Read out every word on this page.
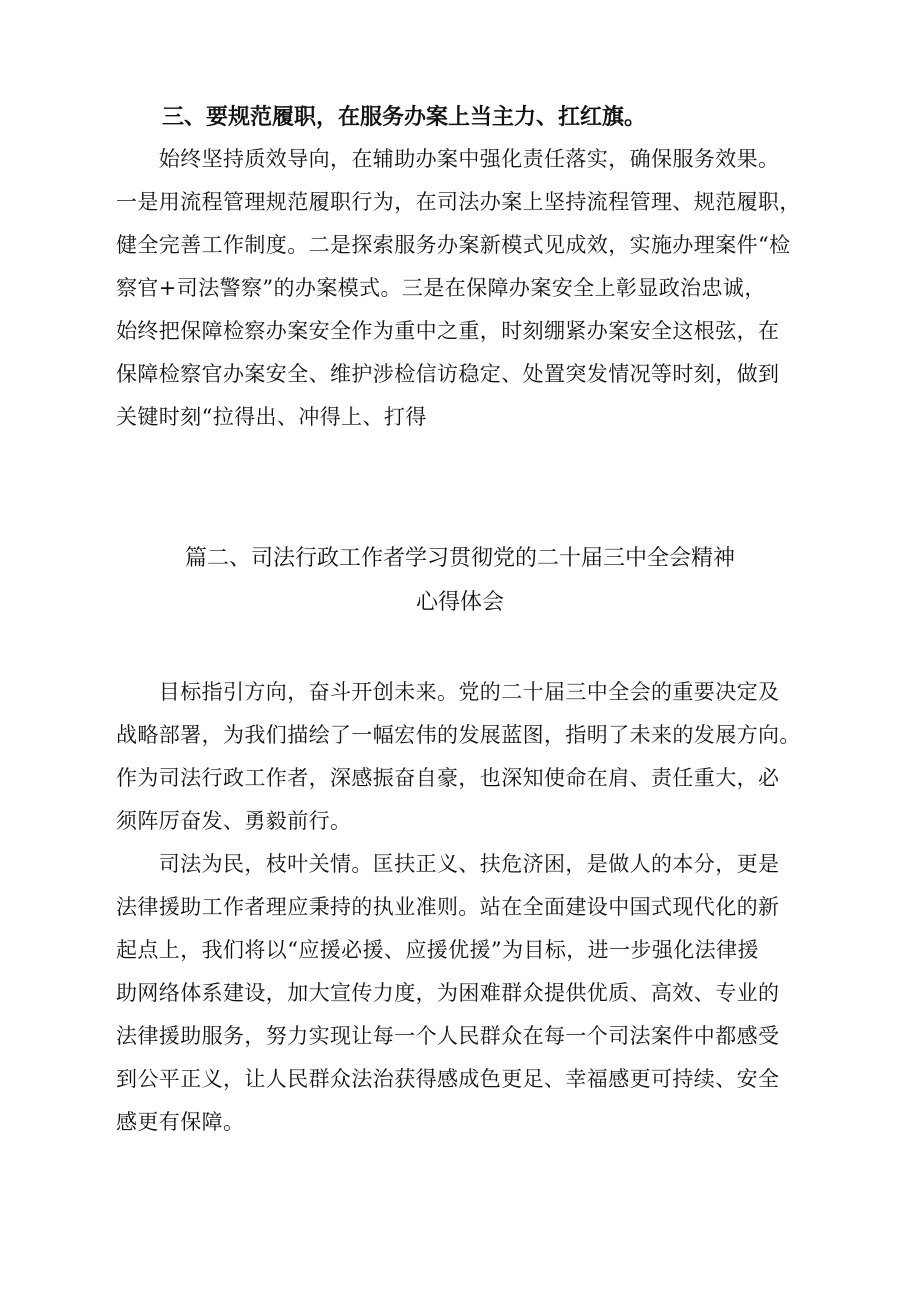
三、要规范履职，在服务办案上当主力、扛红旗。
　　始终坚持质效导向，在辅助办案中强化责任落实，确保服务效果。
一是用流程管理规范履职行为，在司法办案上坚持流程管理、规范履职，
健全完善工作制度。二是探索服务办案新模式见成效，实施办理案件“检
察官+司法警察”的办案模式。三是在保障办案安全上彰显政治忠诚，
始终把保障检察办案安全作为重中之重，时刻绷紧办案安全这根弦，在
保障检察官办案安全、维护涉检信访稳定、处置突发情况等时刻，做到
关键时刻“拉得出、冲得上、打得
篇二、司法行政工作者学习贯彻党的二十届三中全会精神
心得体会
　　目标指引方向，奋斗开创未来。党的二十届三中全会的重要决定及
战略部署，为我们描绘了一幅宏伟的发展蓝图，指明了未来的发展方向。
作为司法行政工作者，深感振奋自豪，也深知使命在肩、责任重大，必
须阵厉奋发、勇毅前行。
　　司法为民，枝叶关情。匡扶正义、扶危济困，是做人的本分，更是
法律援助工作者理应秉持的执业准则。站在全面建设中国式现代化的新
起点上，我们将以“应援必援、应援优援”为目标，进一步强化法律援
助网络体系建设，加大宣传力度，为困难群众提供优质、高效、专业的
法律援助服务，努力实现让每一个人民群众在每一个司法案件中都感受
到公平正义，让人民群众法治获得感成色更足、幸福感更可持续、安全
感更有保障。
